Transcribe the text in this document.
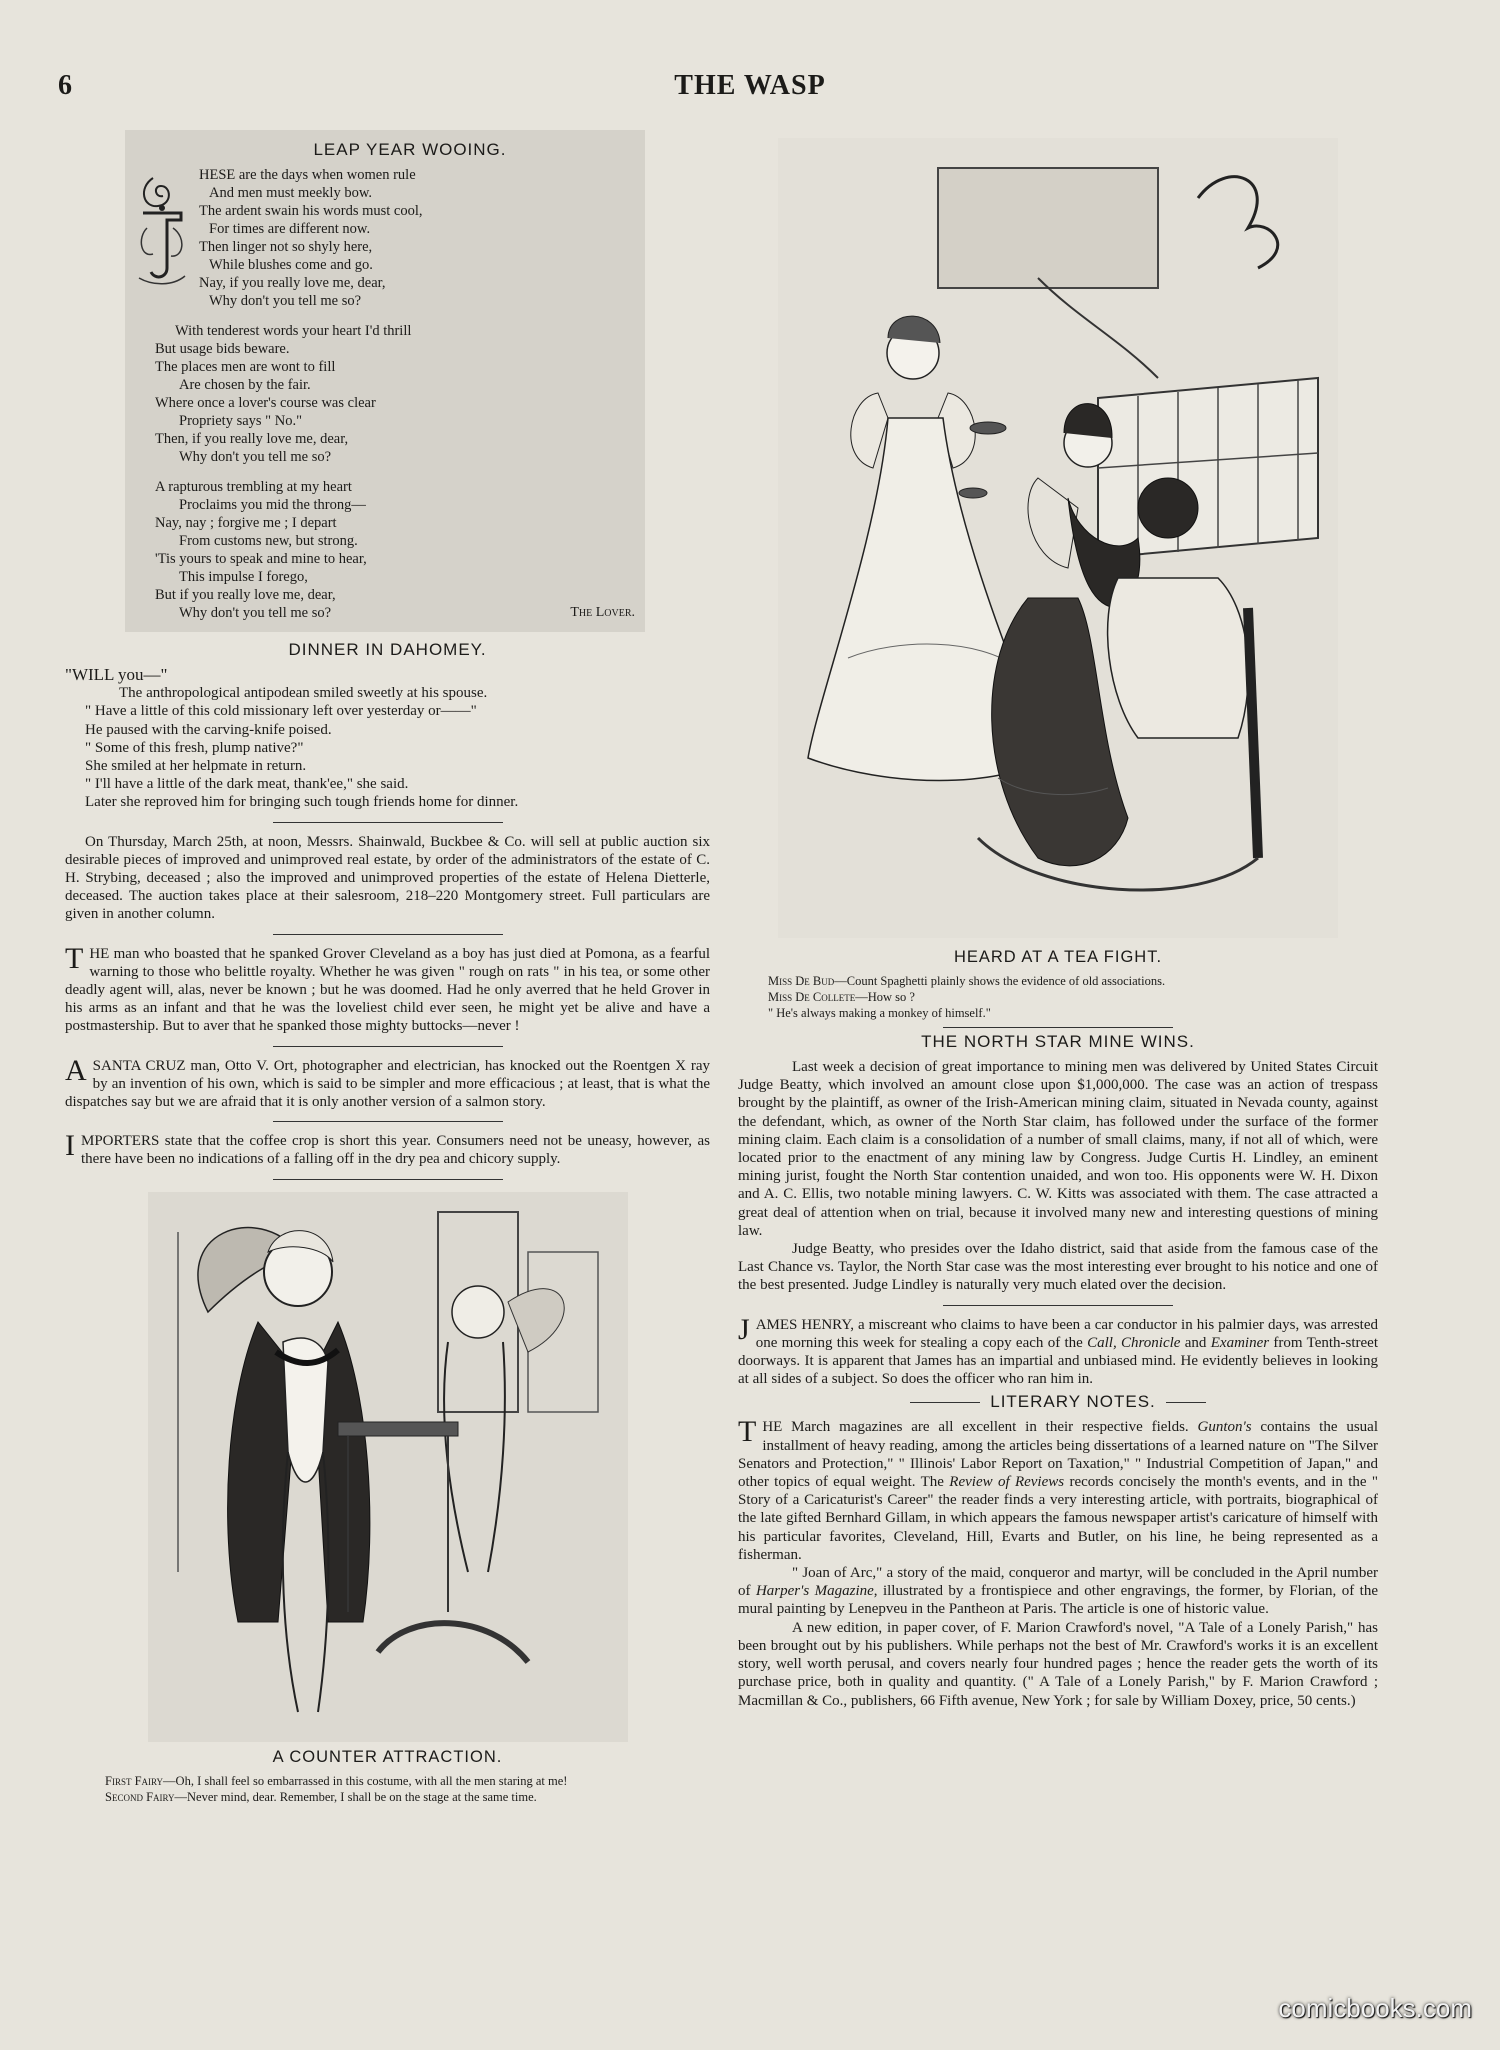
6	THE WASP
LEAP YEAR WOOING.
HESE are the days when women rule
And men must meekly bow.
The ardent swain his words must cool,
For times are different now.
Then linger not so shyly here,
While blushes come and go.
Nay, if you really love me, dear,
Why don't you tell me so?
With tenderest words your heart I'd thrill
But usage bids beware.
The places men are wont to fill
Are chosen by the fair.
Where once a lover's course was clear
Propriety says " No."
Then, if you really love me, dear,
Why don't you tell me so?
A rapturous trembling at my heart
Proclaims you mid the throng—
Nay, nay ; forgive me ; I depart
From customs new, but strong.
'Tis yours to speak and mine to hear,
This impulse I forego,
But if you really love me, dear,
Why don't you tell me so?	The Lover.
DINNER IN DAHOMEY.

"WILL you—"

The anthropological antipodean smiled sweetly at his spouse.

" Have a little of this cold missionary left over yesterday or——"

He paused with the carving-knife poised.

" Some of this fresh, plump native?"

She smiled at her helpmate in return.

" I'll have a little of the dark meat, thank'ee," she said.

Later she reproved him for bringing such tough friends home for dinner.

On Thursday, March 25th, at noon, Messrs. Shainwald, Buckbee & Co. will sell at public auction six desirable pieces of improved and unimproved real estate, by order of the administrators of the estate of C. H. Strybing, deceased ; also the improved and unimproved properties of the estate of Helena Dietterle, deceased. The auction takes place at their salesroom, 218–220 Montgomery street. Full particulars are given in another column.

T HE man who boasted that he spanked Grover Cleveland as a boy has just died at Pomona, as a fearful warning to those who belittle royalty. Whether he was given " rough on rats " in his tea, or some other deadly agent will, alas, never be known ; but he was doomed. Had he only averred that he held Grover in his arms as an infant and that he was the loveliest child ever seen, he might yet be alive and have a postmastership. But to aver that he spanked those mighty buttocks—never !
A SANTA CRUZ man, Otto V. Ort, photographer and electrician, has knocked out the Roentgen X ray by an invention of his own, which is said to be simpler and more efficacious ; at least, that is what the dispatches say but we are afraid that it is only another version of a salmon story.
I MPORTERS state that the coffee crop is short this year. Consumers need not be uneasy, however, as there have been no indications of a falling off in the dry pea and chicory supply.
A COUNTER ATTRACTION.
First Fairy—Oh, I shall feel so embarrassed in this costume, with all the men staring at me!
Second Fairy—Never mind, dear. Remember, I shall be on the stage at the same time.
HEARD AT A TEA FIGHT.
Miss De Bud—Count Spaghetti plainly shows the evidence of old associations.
Miss De Collete—How so ?
" He's always making a monkey of himself."
THE NORTH STAR MINE WINS.

Last week a decision of great importance to mining men was delivered by United States Circuit Judge Beatty, which involved an amount close upon $1,000,000. The case was an action of trespass brought by the plaintiff, as owner of the Irish-American mining claim, situated in Nevada county, against the defendant, which, as owner of the North Star claim, has followed under the surface of the former mining claim. Each claim is a consolidation of a number of small claims, many, if not all of which, were located prior to the enactment of any mining law by Congress. Judge Curtis H. Lindley, an eminent mining jurist, fought the North Star contention unaided, and won too. His opponents were W. H. Dixon and A. C. Ellis, two notable mining lawyers. C. W. Kitts was associated with them. The case attracted a great deal of attention when on trial, because it involved many new and interesting questions of mining law.

Judge Beatty, who presides over the Idaho district, said that aside from the famous case of the Last Chance vs. Taylor, the North Star case was the most interesting ever brought to his notice and one of the best presented. Judge Lindley is naturally very much elated over the decision.

JAMES HENRY, a miscreant who claims to have been a car conductor in his palmier days, was arrested one morning this week for stealing a copy each of the Call, Chronicle and Examiner from Tenth-street doorways. It is apparent that James has an impartial and unbiased mind. He evidently believes in looking at all sides of a subject. So does the officer who ran him in.
LITERARY NOTES.

THE March magazines are all excellent in their respective fields. Gunton's contains the usual installment of heavy reading, among the articles being dissertations of a learned nature on "The Silver Senators and Protection," " Illinois' Labor Report on Taxation," " Industrial Competition of Japan," and other topics of equal weight. The Review of Reviews records concisely the month's events, and in the " Story of a Caricaturist's Career" the reader finds a very interesting article, with portraits, biographical of the late gifted Bernhard Gillam, in which appears the famous newspaper artist's caricature of himself with his particular favorites, Cleveland, Hill, Evarts and Butler, on his line, he being represented as a fisherman.

" Joan of Arc," a story of the maid, conqueror and martyr, will be concluded in the April number of Harper's Magazine, illustrated by a frontispiece and other engravings, the former, by Florian, of the mural painting by Lenepveu in the Pantheon at Paris. The article is one of historic value.

A new edition, in paper cover, of F. Marion Crawford's novel, "A Tale of a Lonely Parish," has been brought out by his publishers. While perhaps not the best of Mr. Crawford's works it is an excellent story, well worth perusal, and covers nearly four hundred pages ; hence the reader gets the worth of its purchase price, both in quality and quantity. (" A Tale of a Lonely Parish," by F. Marion Crawford ; Macmillan & Co., publishers, 66 Fifth avenue, New York ; for sale by William Doxey, price, 50 cents.)

comicbooks.com
